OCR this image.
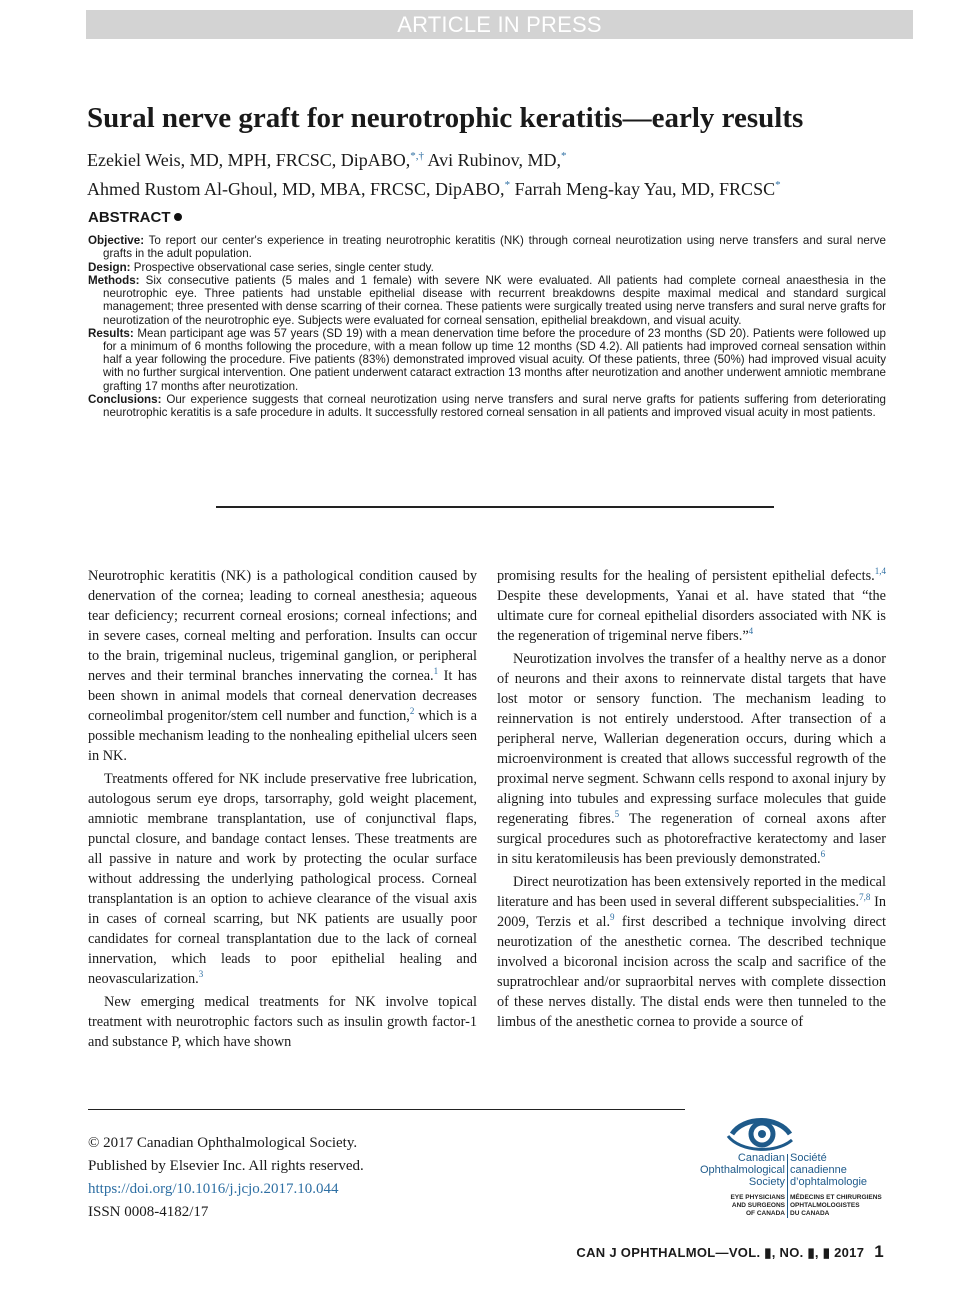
ARTICLE IN PRESS
Sural nerve graft for neurotrophic keratitis—early results
Ezekiel Weis, MD, MPH, FRCSC, DipABO,*,† Avi Rubinov, MD,*
Ahmed Rustom Al-Ghoul, MD, MBA, FRCSC, DipABO,* Farrah Meng-kay Yau, MD, FRCSC*
ABSTRACT

Objective: To report our center's experience in treating neurotrophic keratitis (NK) through corneal neurotization using nerve transfers and sural nerve grafts in the adult population.

Design: Prospective observational case series, single center study.

Methods: Six consecutive patients (5 males and 1 female) with severe NK were evaluated. All patients had complete corneal anaesthesia in the neurotrophic eye. Three patients had unstable epithelial disease with recurrent breakdowns despite maximal medical and standard surgical management; three presented with dense scarring of their cornea. These patients were surgically treated using nerve transfers and sural nerve grafts for neurotization of the neurotrophic eye. Subjects were evaluated for corneal sensation, epithelial breakdown, and visual acuity.

Results: Mean participant age was 57 years (SD 19) with a mean denervation time before the procedure of 23 months (SD 20). Patients were followed up for a minimum of 6 months following the procedure, with a mean follow up time 12 months (SD 4.2). All patients had improved corneal sensation within half a year following the procedure. Five patients (83%) demonstrated improved visual acuity. Of these patients, three (50%) had improved visual acuity with no further surgical intervention. One patient underwent cataract extraction 13 months after neurotization and another underwent amniotic membrane grafting 17 months after neurotization.

Conclusions: Our experience suggests that corneal neurotization using nerve transfers and sural nerve grafts for patients suffering from deteriorating neurotrophic keratitis is a safe procedure in adults. It successfully restored corneal sensation in all patients and improved visual acuity in most patients.

Neurotrophic keratitis (NK) is a pathological condition caused by denervation of the cornea; leading to corneal anesthesia; aqueous tear deficiency; recurrent corneal erosions; corneal infections; and in severe cases, corneal melting and perforation. Insults can occur to the brain, trigeminal nucleus, trigeminal ganglion, or peripheral nerves and their terminal branches innervating the cornea.$^1$ It has been shown in animal models that corneal denervation decreases corneolimbal progenitor/stem cell number and function,$^2$ which is a possible mechanism leading to the nonhealing epithelial ulcers seen in NK.

Treatments offered for NK include preservative free lubrication, autologous serum eye drops, tarsorraphy, gold weight placement, amniotic membrane transplantation, use of conjunctival flaps, punctal closure, and bandage contact lenses. These treatments are all passive in nature and work by protecting the ocular surface without addressing the underlying pathological process. Corneal transplantation is an option to achieve clearance of the visual axis in cases of corneal scarring, but NK patients are usually poor candidates for corneal transplantation due to the lack of corneal innervation, which leads to poor epithelial healing and neovascularization.$^3$

New emerging medical treatments for NK involve topical treatment with neurotrophic factors such as insulin growth factor-1 and substance P, which have shown

promising results for the healing of persistent epithelial defects.$^{1,4}$ Despite these developments, Yanai et al. have stated that “the ultimate cure for corneal epithelial disorders associated with NK is the regeneration of trigeminal nerve fibers.”$^4$

Neurotization involves the transfer of a healthy nerve as a donor of neurons and their axons to reinnervate distal targets that have lost motor or sensory function. The mechanism leading to reinnervation is not entirely understood. After transection of a peripheral nerve, Wallerian degeneration occurs, during which a microenvironment is created that allows successful regrowth of the proximal nerve segment. Schwann cells respond to axonal injury by aligning into tubules and expressing surface molecules that guide regenerating fibres.$^5$ The regeneration of corneal axons after surgical procedures such as photorefractive keratectomy and laser in situ keratomileusis has been previously demonstrated.$^6$

Direct neurotization has been extensively reported in the medical literature and has been used in several different subspecialities.$^{7,8}$ In 2009, Terzis et al.$^9$ first described a technique involving direct neurotization of the anesthetic cornea. The described technique involved a bicoronal incision across the scalp and sacrifice of the supratrochlear and/or supraorbital nerves with complete dissection of these nerves distally. The distal ends were then tunneled to the limbus of the anesthetic cornea to provide a source of

© 2017 Canadian Ophthalmological Society.
Published by Elsevier Inc. All rights reserved.
https://doi.org/10.1016/j.jcjo.2017.10.044
ISSN 0008-4182/17
Canadian
Ophthalmological
Society
Société
canadienne
d’ophtalmologie
EYE PHYSICIANS
AND SURGEONS
OF CANADA
MÉDECINS ET CHIRURGIENS
OPHTALMOLOGISTES
DU CANADA
CAN J OPHTHALMOL—VOL. ▮, NO. ▮, ▮ 2017 1
